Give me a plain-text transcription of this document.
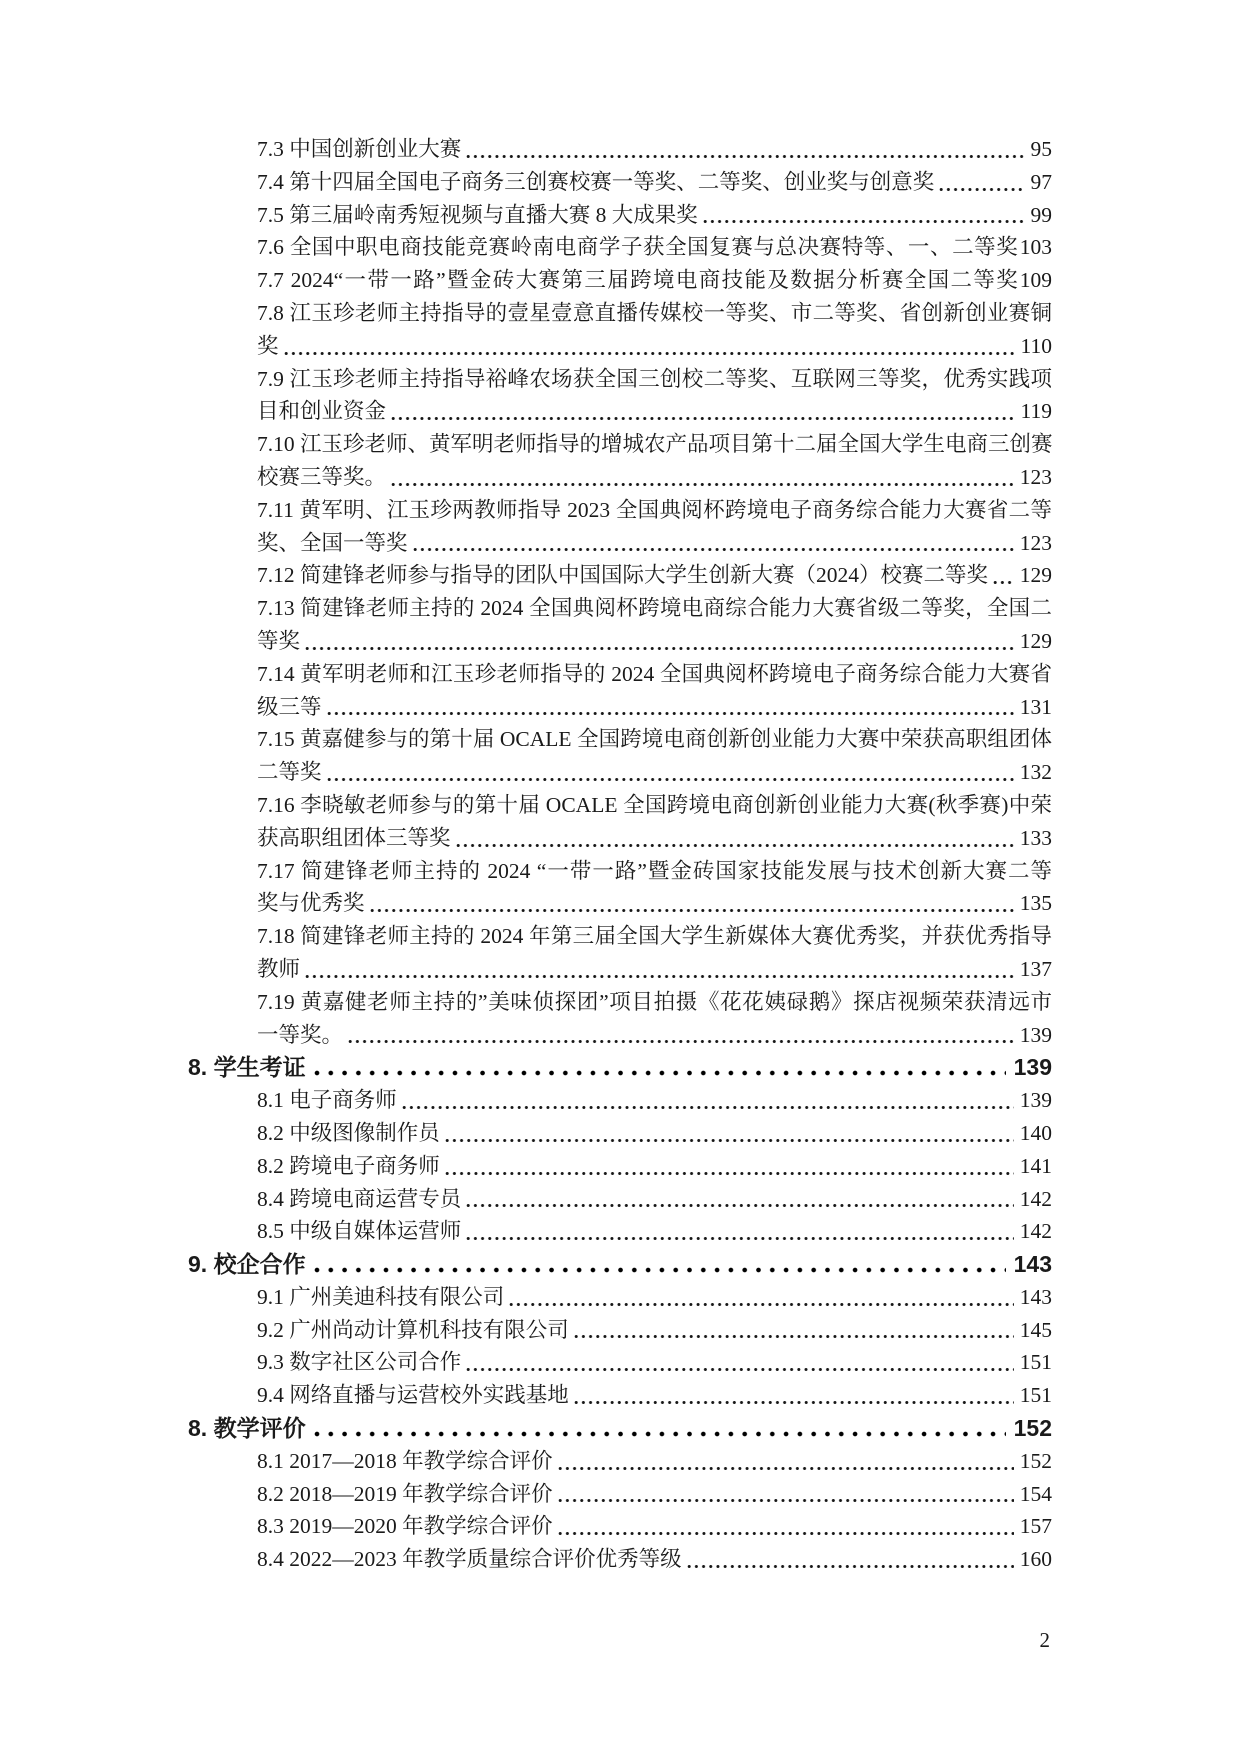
7.3 中国创新创业大赛	95
7.4 第十四届全国电子商务三创赛校赛一等奖、二等奖、创业奖与创意奖	97
7.5 第三届岭南秀短视频与直播大赛 8 大成果奖	99
7.6 全国中职电商技能竞赛岭南电商学子获全国复赛与总决赛特等、一、二等奖 103
7.7 2024“一带一路”暨金砖大赛第三届跨境电商技能及数据分析赛全国二等奖 109
7.8 江玉珍老师主持指导的壹星壹意直播传媒校一等奖、市二等奖、省创新创业赛铜
奖	110
7.9 江玉珍老师主持指导裕峰农场获全国三创校二等奖、互联网三等奖，优秀实践项
目和创业资金	119
7.10 江玉珍老师、黄军明老师指导的增城农产品项目第十二届全国大学生电商三创赛
校赛三等奖。	123
7.11 黄军明、江玉珍两教师指导 2023 全国典阅杯跨境电子商务综合能力大赛省二等
奖、全国一等奖	123
7.12 简建锋老师参与指导的团队中国国际大学生创新大赛（2024）校赛二等奖 129
7.13 简建锋老师主持的 2024 全国典阅杯跨境电商综合能力大赛省级二等奖，全国二
等奖	129
7.14 黄军明老师和江玉珍老师指导的 2024 全国典阅杯跨境电子商务综合能力大赛省
级三等	131
7.15 黄嘉健参与的第十届 OCALE 全国跨境电商创新创业能力大赛中荣获高职组团体
二等奖	132
7.16 李晓敏老师参与的第十届 OCALE 全国跨境电商创新创业能力大赛(秋季赛)中荣
获高职组团体三等奖	133
7.17 简建锋老师主持的 2024 “一带一路”暨金砖国家技能发展与技术创新大赛二等
奖与优秀奖	135
7.18 简建锋老师主持的 2024 年第三届全国大学生新媒体大赛优秀奖，并获优秀指导
教师	137
7.19 黄嘉健老师主持的”美味侦探团”项目拍摄《花花姨碌鹅》探店视频荣获清远市
一等奖。	139
8. 学生考证	139
8.1 电子商务师	139
8.2 中级图像制作员	140
8.2 跨境电子商务师	141
8.4 跨境电商运营专员	142
8.5 中级自媒体运营师	142
9. 校企合作	143
9.1 广州美迪科技有限公司	143
9.2 广州尚动计算机科技有限公司	145
9.3 数字社区公司合作	151
9.4 网络直播与运营校外实践基地	151
8. 教学评价	152
8.1 2017—2018 年教学综合评价	152
8.2 2018—2019 年教学综合评价	154
8.3 2019—2020 年教学综合评价	157
8.4 2022—2023 年教学质量综合评价优秀等级	160
2
